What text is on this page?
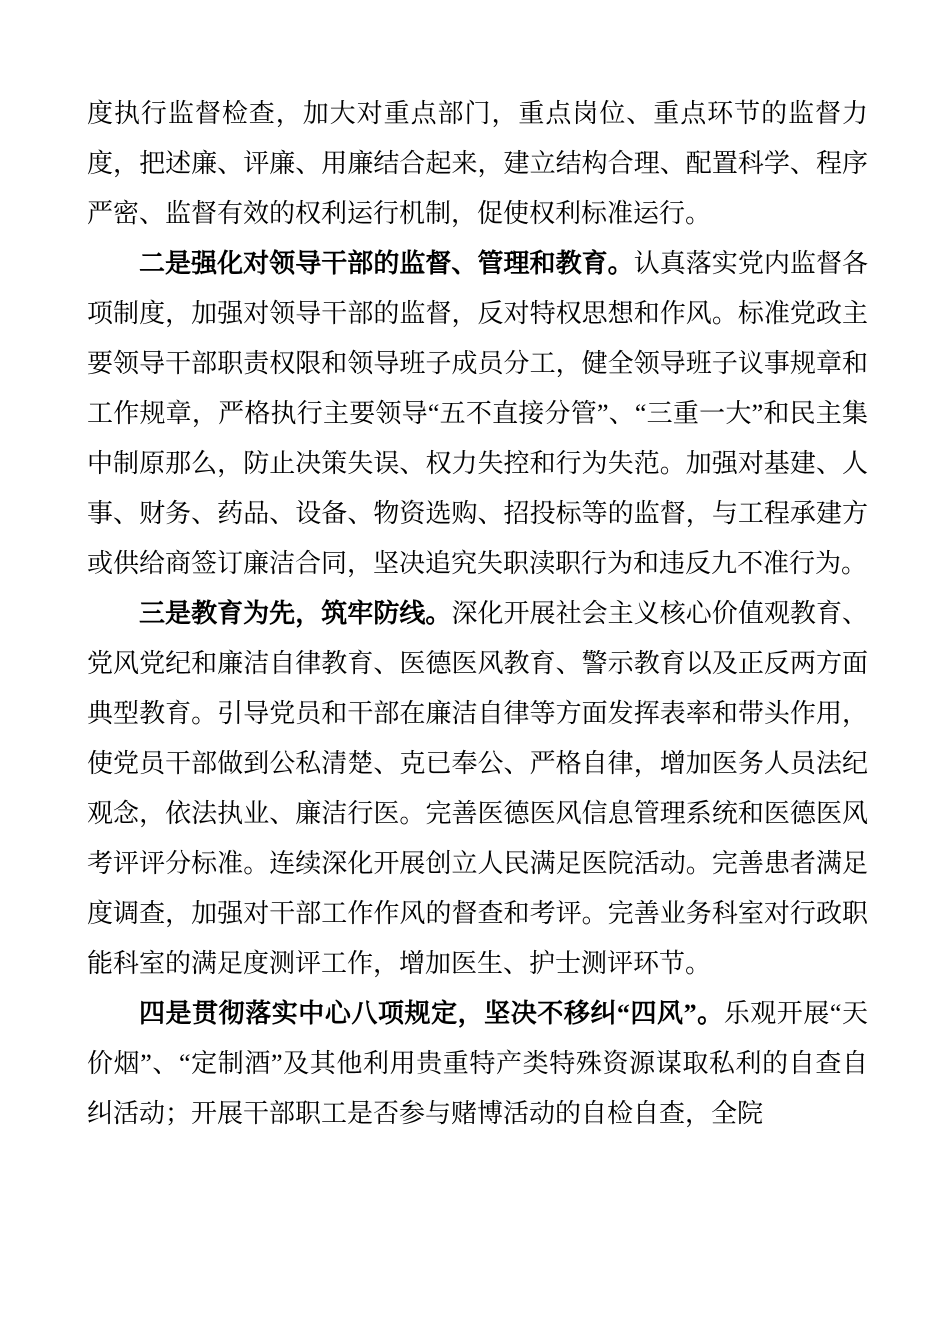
度执行监督检查，加大对重点部门，重点岗位、重点环节的监督力度，把述廉、评廉、用廉结合起来，建立结构合理、配置科学、程序严密、监督有效的权利运行机制，促使权利标准运行。

二是强化对领导干部的监督、管理和教育。认真落实党内监督各项制度，加强对领导干部的监督，反对特权思想和作风。标准党政主要领导干部职责权限和领导班子成员分工，健全领导班子议事规章和工作规章，严格执行主要领导“五不直接分管”、“三重一大”和民主集中制原那么，防止决策失误、权力失控和行为失范。加强对基建、人事、财务、药品、设备、物资选购、招投标等的监督，与工程承建方或供给商签订廉洁合同，坚决追究失职渎职行为和违反九不准行为。

三是教育为先，筑牢防线。深化开展社会主义核心价值观教育、党风党纪和廉洁自律教育、医德医风教育、警示教育以及正反两方面典型教育。引导党员和干部在廉洁自律等方面发挥表率和带头作用，使党员干部做到公私清楚、克已奉公、严格自律，增加医务人员法纪观念，依法执业、廉洁行医。完善医德医风信息管理系统和医德医风考评评分标准。连续深化开展创立人民满足医院活动。完善患者满足度调查，加强对干部工作作风的督查和考评。完善业务科室对行政职能科室的满足度测评工作，增加医生、护士测评环节。

四是贯彻落实中心八项规定，坚决不移纠“四风”。乐观开展“天价烟”、“定制酒”及其他利用贵重特产类特殊资源谋取私利的自查自纠活动；开展干部职工是否参与赌博活动的自检自查，全院
